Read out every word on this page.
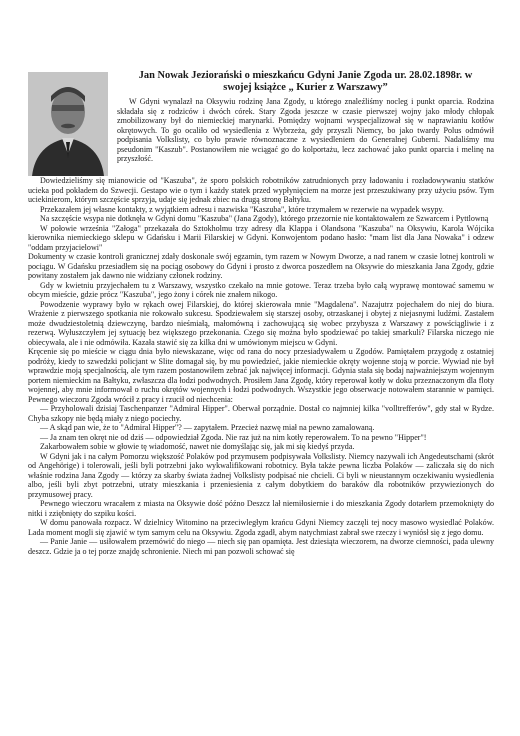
Jan Nowak Jeziorański o mieszkańcu Gdyni Janie Zgoda ur. 28.02.1898r. w
swojej książce „ Kurier z Warszawy”

W Gdyni wynalazł na Oksywiu rodzinę Jana Zgody, u którego znaleźliśmy nocleg i punkt oparcia. Rodzina składała się z rodziców i dwóch córek. Stary Zgoda jeszcze w czasie pierwszej wojny jako młody chłopak zmobilizowany był do niemieckiej marynarki. Pomiędzy wojnami wyspecjalizował się w naprawianiu kotłów okrętowych. To go ocaliło od wysiedlenia z Wybrzeża, gdy przyszli Niemcy, bo jako twardy Polus odmówił podpisania Volkslisty, co było prawie równoznaczne z wysiedleniem do Generalnej Guberni. Nadaliśmy mu pseudonim "Kaszub". Postanowiłem nie wciągać go do kolportażu, lecz zachować jako punkt oparcia i melinę na przyszłość.

Dowiedzieliśmy się mianowicie od "Kaszuba", że sporo polskich robotników zatrudnionych przy ładowaniu i rozładowywaniu statków ucieka pod pokładem do Szwecji. Gestapo wie o tym i każdy statek przed wypłynięciem na morze jest przeszukiwany przy użyciu psów. Tym uciekinierom, którym szczęście sprzyja, udaje się jednak zbiec na drugą stronę Bałtyku.

Przekazałem jej własne kontakty, z wyjątkiem adresu i nazwiska "Kaszuba", które trzymałem w rezerwie na wypadek wsypy.

Na szczęście wsypa nie dotknęła w Gdyni domu "Kaszuba" (Jana Zgody), którego przezornie nie kontaktowałem ze Szwarcem i Pyttlowną

W połowie września "Załoga" przekazała do Sztokholmu trzy adresy dla Klappa i Olandsona "Kaszuba" na Oksywiu, Karola Wójcika kierownika niemieckiego sklepu w Gdańsku i Marii Filarskiej w Gdyni. Konwojentom podano hasło: "mam list dla Jana Nowaka" i odzew "oddam przyjacielowi"

Dokumenty w czasie kontroli granicznej zdały doskonale swój egzamin, tym razem w Nowym Dworze, a nad ranem w czasie lotnej kontroli w pociągu. W Gdańsku przesiadłem się na pociąg osobowy do Gdyni i prosto z dworca poszedłem na Oksywie do mieszkania Jana Zgody, gdzie powitany zostałem jak dawno nie widziany członek rodziny.

Gdy w kwietniu przyjechałem tu z Warszawy, wszystko czekało na mnie gotowe. Teraz trzeba było całą wyprawę montować samemu w obcym mieście, gdzie prócz "Kaszuba", jego żony i córek nie znałem nikogo.

Powodzenie wyprawy było w rękach owej Filarskiej, do której skierowała mnie "Magdalena". Nazajutrz pojechałem do niej do biura. Wrażenie z pierwszego spotkania nie rokowało sukcesu. Spodziewałem się starszej osoby, otrzaskanej i obytej z niejasnymi ludźmi. Zastałem może dwudziestoletnią dziewczynę, bardzo nieśmiałą, małomówną i zachowującą się wobec przybysza z Warszawy z powściągliwie i z rezerwą. Wyłuszczyłem jej sytuację bez większego przekonania. Czego się można było spodziewać po takiej smarkuli? Filarska niczego nie obiecywała, ale i nie odmówiła. Kazała stawić się za kilka dni w umówionym miejscu w Gdyni.

Kręcenie się po mieście w ciągu dnia było niewskazane, więc od rana do nocy przesiadywałem u Zgodów. Pamiętałem przygodę z ostatniej podróży, kiedy to szwedzki policjant w Slite domagał się, by mu powiedzieć, jakie niemieckie okręty wojenne stoją w porcie. Wywiad nie był wprawdzie moją specjalnością, ale tym razem postanowiłem zebrać jak najwięcej informacji. Gdynia stała się bodaj najważniejszym wojennym portem niemieckim na Bałtyku, zwłaszcza dla łodzi podwodnych. Prosiłem Jana Zgodę, który reperował kotły w doku przeznaczonym dla floty wojennej, aby mnie informował o ruchu okrętów wojennych i łodzi podwodnych. Wszystkie jego obserwacje notowałem starannie w pamięci. Pewnego wieczoru Zgoda wrócił z pracy i rzucił od niechcenia:

— Przyholowali dzisiaj Taschenpanzer "Admiral Hipper". Oberwał porządnie. Dostał co najmniej kilka "volltrefferów", gdy stał w Rydze. Chyba szkopy nie będą miały z niego pociechy.

— A skąd pan wie, że to "Admiral Hipper"? — zapytałem. Przecież nazwę miał na pewno zamalowaną.

— Ja znam ten okręt nie od dziś — odpowiedział Zgoda. Nie raz już na nim kotły reperowałem. To na pewno "Hipper"!

Zakarbowałem sobie w głowie tę wiadomość, nawet nie domyślając się, jak mi się kiedyś przyda.

W Gdyni jak i na całym Pomorzu większość Polaków pod przymusem podpisywała Volkslisty. Niemcy nazywali ich Angedeutschami (skrót od Angehörige) i tolerowali, jeśli byli potrzebni jako wykwalifikowani robotnicy. Była także pewna liczba Polaków — zaliczała się do nich właśnie rodzina Jana Zgody — którzy za skarby świata żadnej Volkslisty podpisać nie chcieli. Ci byli w nieustannym oczekiwaniu wysiedlenia albo, jeśli byli zbyt potrzebni, utraty mieszkania i przeniesienia z całym dobytkiem do baraków dla robotników przywiezionych do przymusowej pracy.

Pewnego wieczoru wracałem z miasta na Oksywie dość późno Deszcz lał niemiłosiernie i do mieszkania Zgody dotarłem przemoknięty do nitki i zziębnięty do szpiku kości.

W domu panowała rozpacz. W dzielnicy Witomino na przeciwległym krańcu Gdyni Niemcy zaczęli tej nocy masowo wysiedlać Polaków. Lada moment mogli się zjawić w tym samym celu na Oksywiu. Zgoda zgadł, abym natychmiast zabrał swe rzeczy i wyniósł się z jego domu.

— Panie Janie — usiłowałem przemówić do niego — niech się pan opamięta. Jest dziesiąta wieczorem, na dworze ciemności, pada ulewny deszcz. Gdzie ja o tej porze znajdę schronienie. Niech mi pan pozwoli schować się
